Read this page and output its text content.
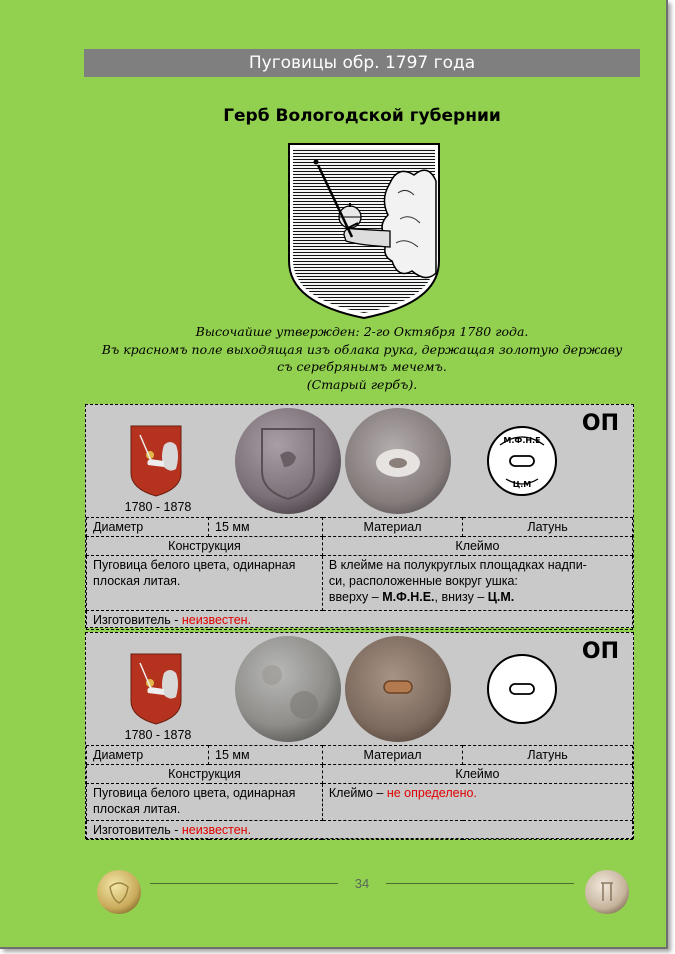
Пуговицы обр. 1797 года
Герб Вологодской губернии
Высочайше утвержден: 2-го Октября 1780 года.
Въ красномъ поле выходящая изъ облака рука, держащая золотую державу
съ серебрянымъ мечемъ.
(Старый гербъ).
1780 - 1878
М.Ф.Н.Е
Ц.М
ОП
Диаметр	15 мм	Материал	Латунь
Конструкция		Клеймо	
Пуговица белого цвета, одинарная плоская литая.		В клейме на полукруглых площадках надпи-
си, расположенные вокруг ушка:
вверху – М.Ф.Н.Е., внизу – Ц.М.	
Изготовитель - неизвестен.			
1780 - 1878
ОП
Диаметр	15 мм	Материал	Латунь
Конструкция		Клеймо	
Пуговица белого цвета, одинарная плоская литая.		Клеймо – не определено.	
Изготовитель - неизвестен.			
34
